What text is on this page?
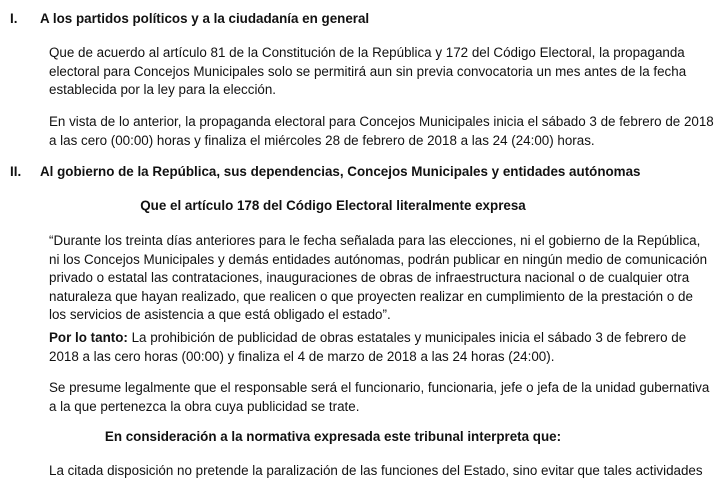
I. A los partidos políticos y a la ciudadanía en general
Que de acuerdo al artículo 81 de la Constitución de la República y 172 del Código Electoral, la propaganda
electoral para Concejos Municipales solo se permitirá aun sin previa convocatoria un mes antes de la fecha
establecida por la ley para la elección.
En vista de lo anterior, la propaganda electoral para Concejos Municipales inicia el sábado 3 de febrero de 2018
a las cero (00:00) horas y finaliza el miércoles 28 de febrero de 2018 a las 24 (24:00) horas.
II. Al gobierno de la República, sus dependencias, Concejos Municipales y entidades autónomas
Que el artículo 178 del Código Electoral literalmente expresa
“Durante los treinta días anteriores para le fecha señalada para las elecciones, ni el gobierno de la República,
ni los Concejos Municipales y demás entidades autónomas, podrán publicar en ningún medio de comunicación
privado o estatal las contrataciones, inauguraciones de obras de infraestructura nacional o de cualquier otra
naturaleza que hayan realizado, que realicen o que proyecten realizar en cumplimiento de la prestación o de
los servicios de asistencia a que está obligado el estado”.
Por lo tanto: La prohibición de publicidad de obras estatales y municipales inicia el sábado 3 de febrero de
2018 a las cero horas (00:00) y finaliza el 4 de marzo de 2018 a las 24 horas (24:00).
Se presume legalmente que el responsable será el funcionario, funcionaria, jefe o jefa de la unidad gubernativa
a la que pertenezca la obra cuya publicidad se trate.
En consideración a la normativa expresada este tribunal interpreta que:
La citada disposición no pretende la paralización de las funciones del Estado, sino evitar que tales actividades
